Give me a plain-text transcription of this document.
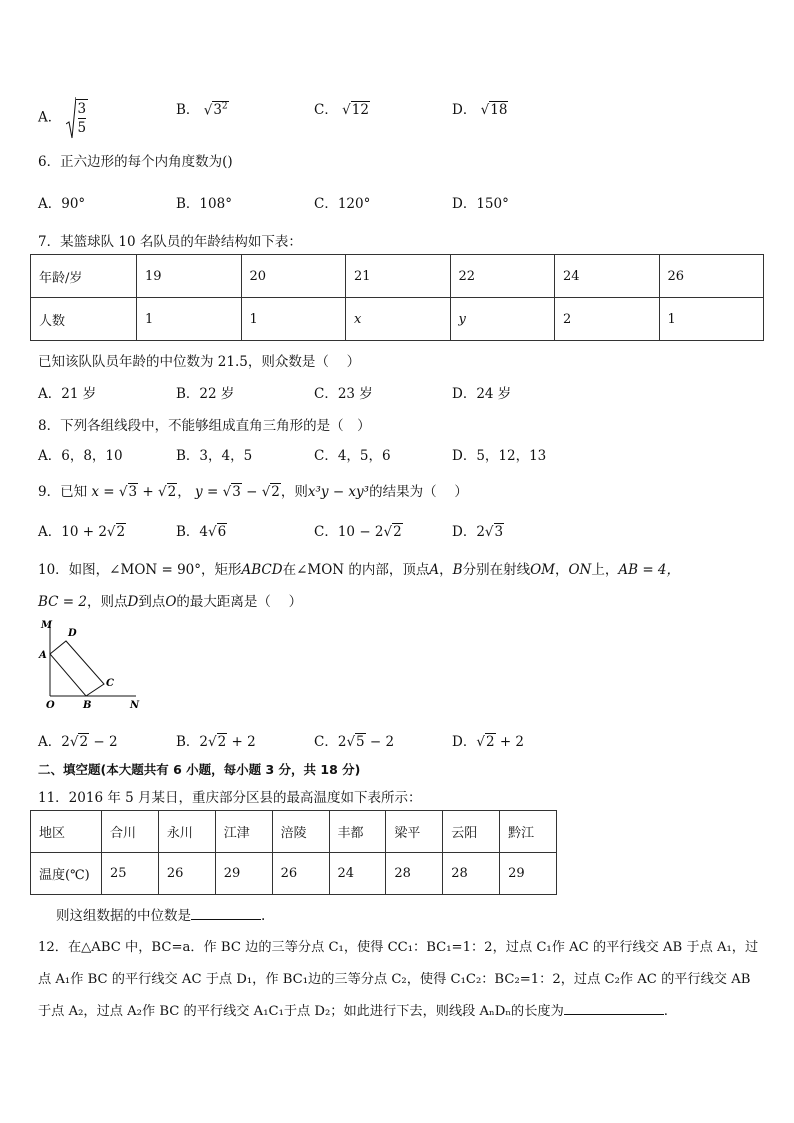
A． $\frac{3}{5}$	B． $√3^2$	C． √12	D． √18
6．正六边形的每个内角度数为()
A．90°	B．108°	C．120°	D．150°
7．某篮球队 10 名队员的年龄结构如下表：
年龄/岁	19	20	21	22	24	26
人数	1	1	x	y	2	1
已知该队队员年龄的中位数为 21.5，则众数是（　 ）
A．21 岁	B．22 岁	C．23 岁	D．24 岁
8．下列各组线段中，不能够组成直角三角形的是（　）
A．6，8，10	B．3，4，5	C．4，5，6	D．5，12，13
9．已知 x = √3 + √2， y = √3 − √2，则x³y − xy³的结果为（　 ）
A．10 + 2√2	B．4√6	C．10 − 2√2	D．2√3
10．如图，∠MON = 90°，矩形ABCD在∠MON 的内部，顶点A，B分别在射线OM，ON上，AB = 4，
BC = 2，则点D到点O的最大距离是（　 ）
M
D
A
C
O	B	N
A．2√2 − 2	B．2√2 + 2	C．2√5 − 2	D．√2 + 2
二、填空题(本大题共有 6 小题，每小题 3 分，共 18 分)
11．2016 年 5 月某日，重庆部分区县的最高温度如下表所示：
地区	合川	永川	江津	涪陵	丰都	梁平	云阳	黔江
温度(℃)	25	26	29	26	24	28	28	29
则这组数据的中位数是	.
12．在△ABC 中，BC=a．作 BC 边的三等分点 C₁，使得 CC₁：BC₁=1：2，过点 C₁作 AC 的平行线交 AB 于点 A₁，过
点 A₁作 BC 的平行线交 AC 于点 D₁，作 BC₁边的三等分点 C₂，使得 C₁C₂：BC₂=1：2，过点 C₂作 AC 的平行线交 AB
于点 A₂，过点 A₂作 BC 的平行线交 A₁C₁于点 D₂；如此进行下去，则线段 AₙDₙ的长度为	.
